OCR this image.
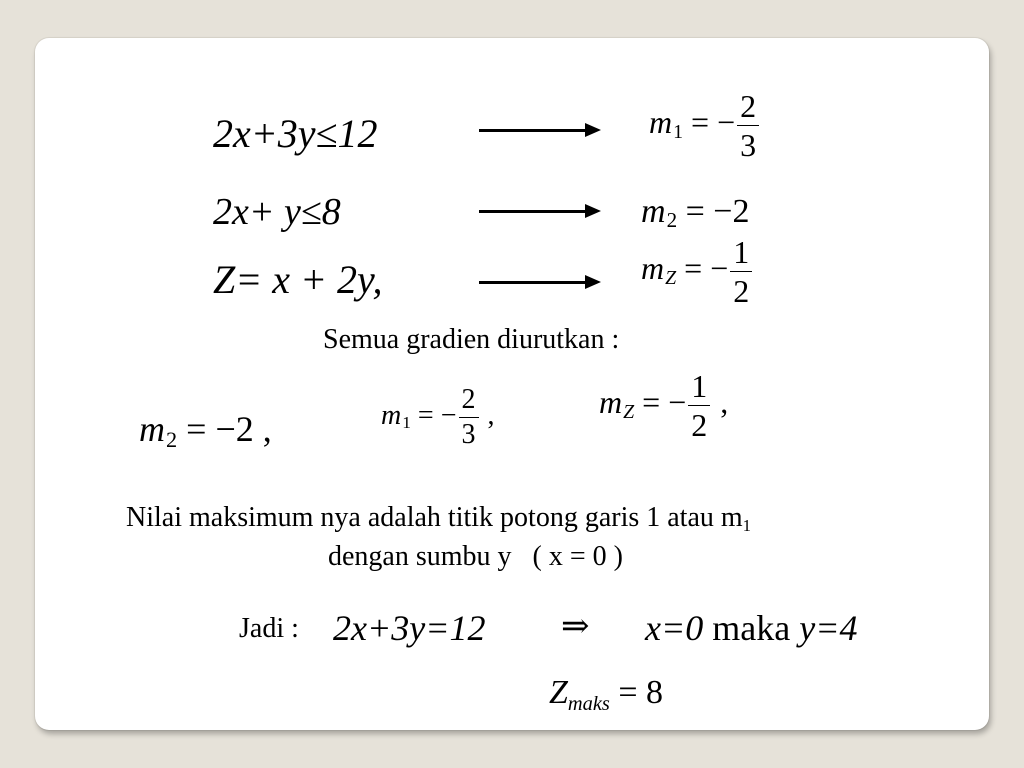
2x+3y≤12	m1 = − $\frac{2}{3}$
2x+ y≤8	m2 = −2
Z= x + 2y,	mZ = − $\frac{1}{2}$
Semua gradien diurutkan :
m2 = −2 ,	m1 = − $\frac{2}{3}$ ,	mZ = − $\frac{1}{2}$ ,
Nilai maksimum nya adalah titik potong garis 1 atau m1
dengan sumbu y   ( x = 0 )
Jadi : 2x+3y=12 ⇒ x=0 maka y=4
$Z_{maks} = 8$
